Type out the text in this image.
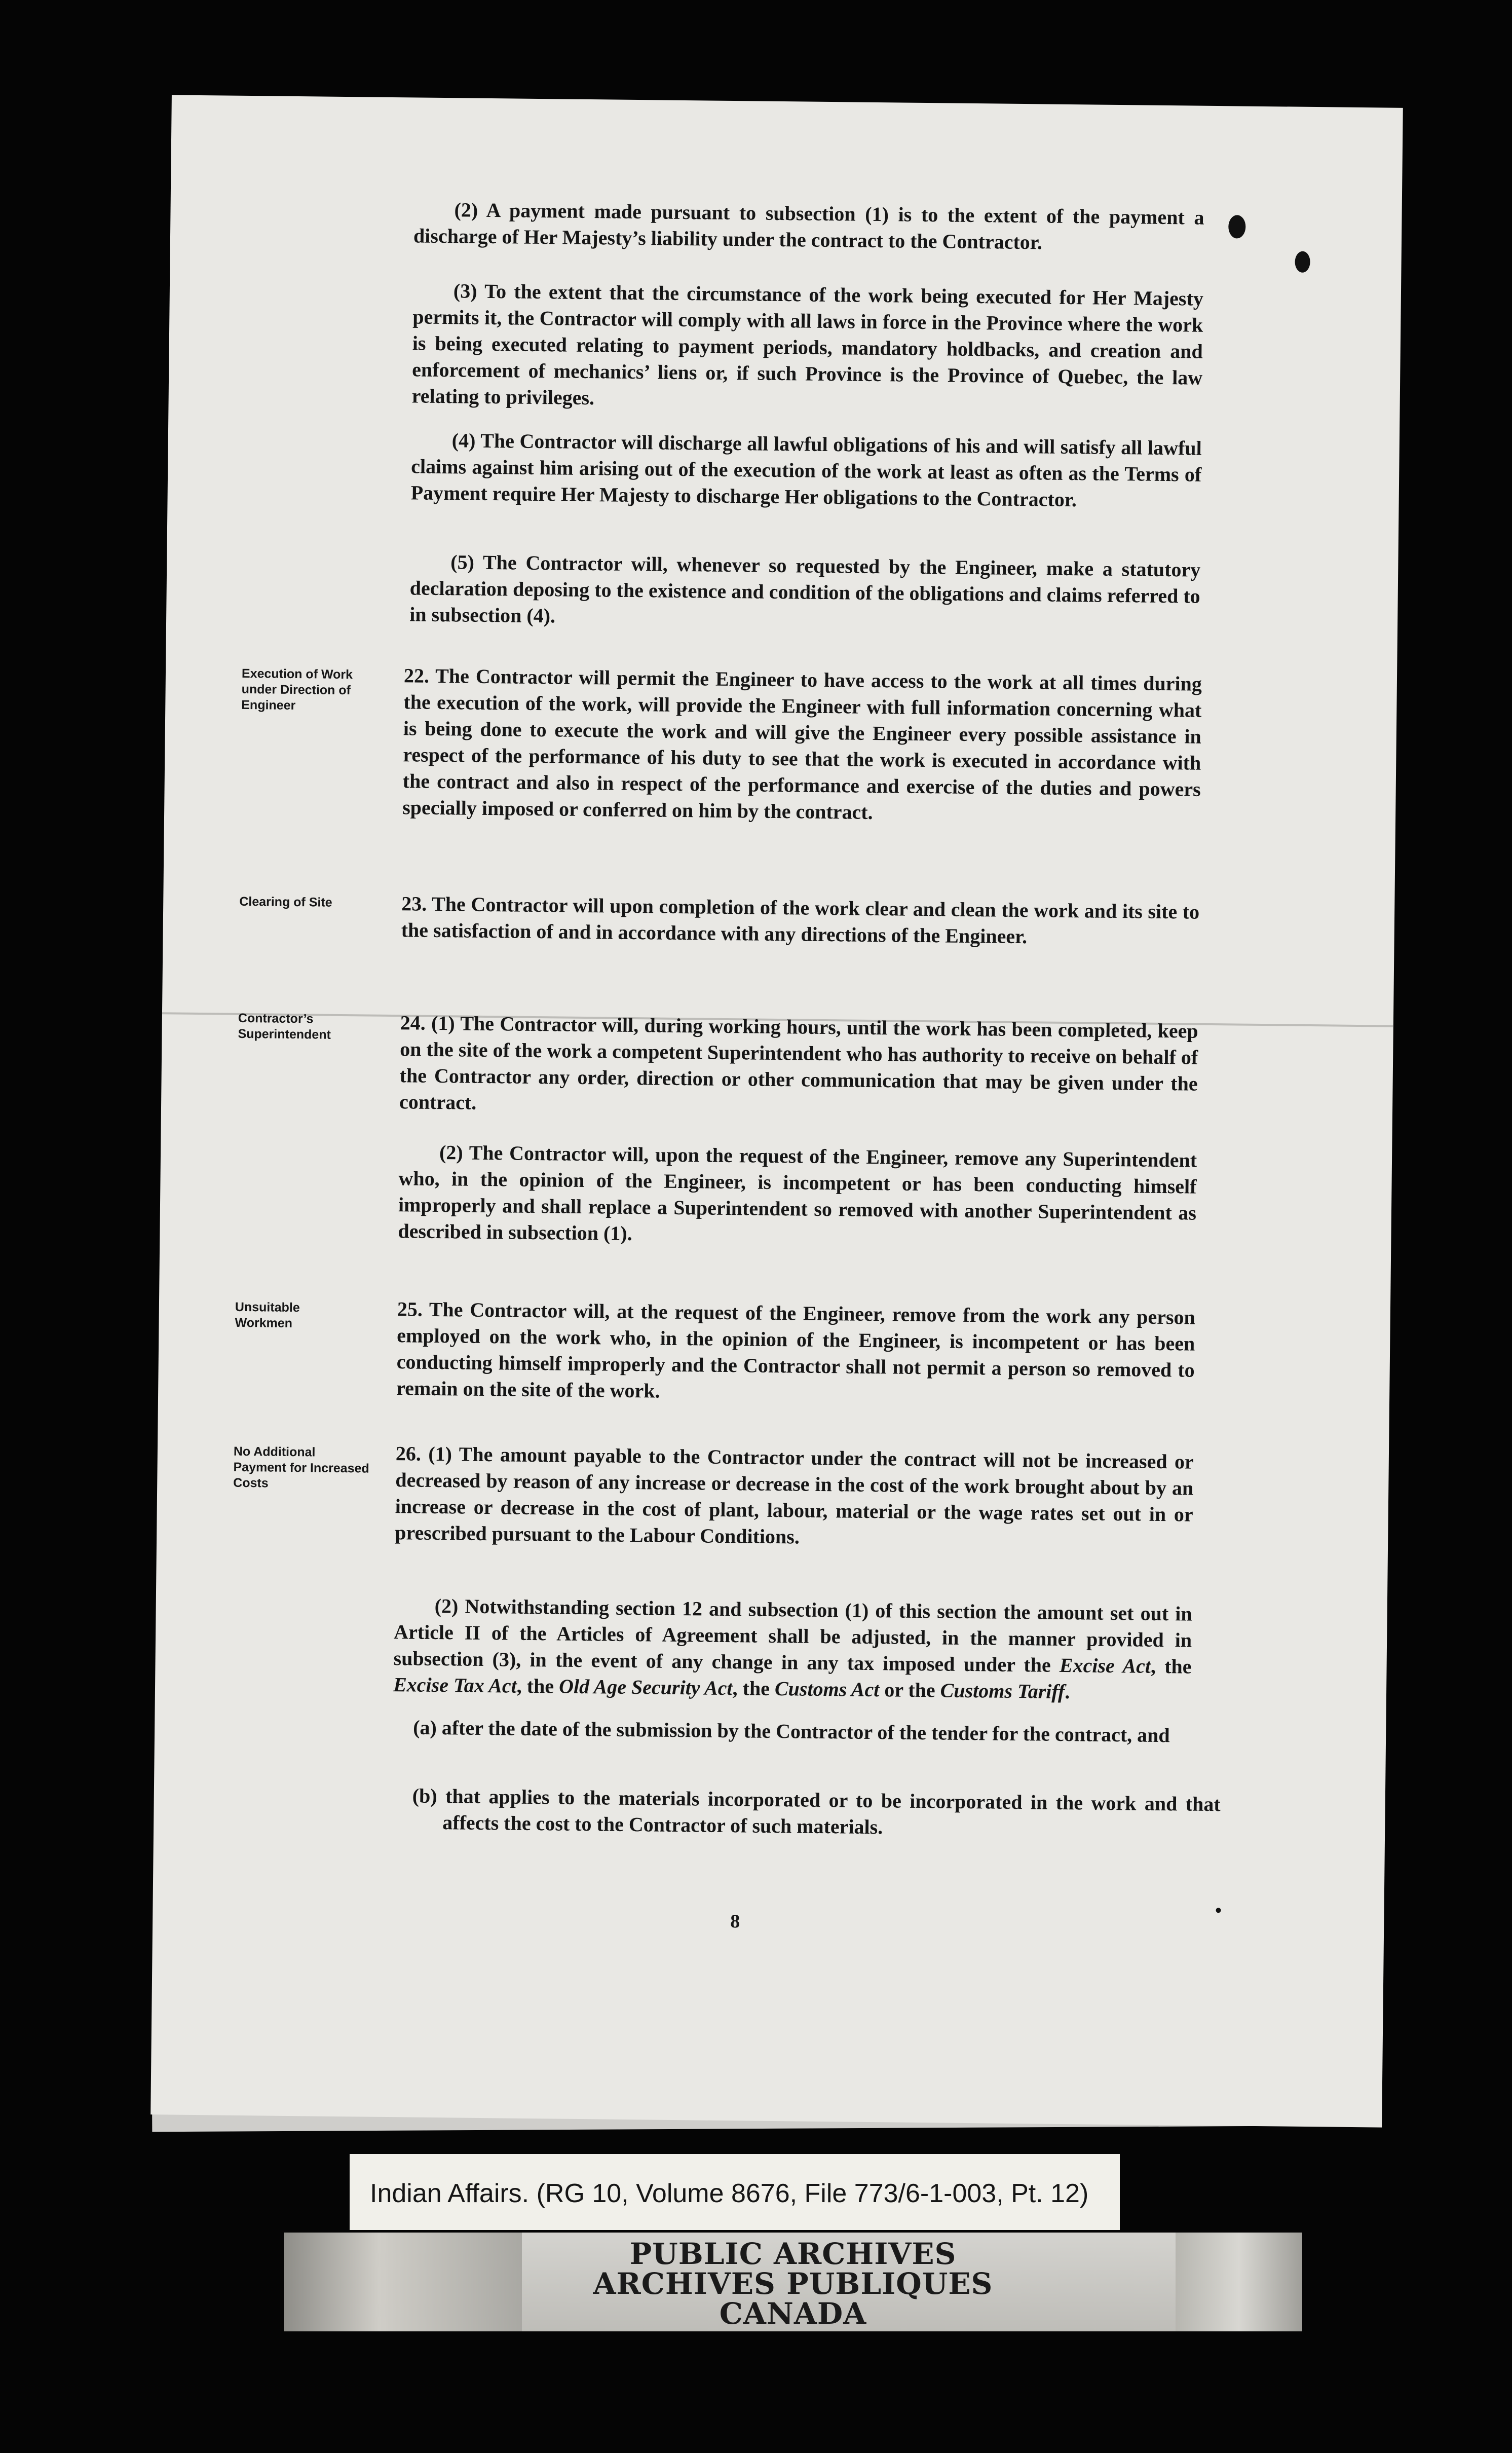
(2) A payment made pursuant to subsection (1) is to the extent of the payment a discharge of Her Majesty’s liability under the contract to the Contractor.

(3) To the extent that the circumstance of the work being executed for Her Majesty permits it, the Contractor will comply with all laws in force in the Province where the work is being executed relating to payment periods, mandatory holdbacks, and creation and enforcement of mechanics’ liens or, if such Province is the Province of Quebec, the law relating to privileges.

(4) The Contractor will discharge all lawful obligations of his and will satisfy all lawful claims against him arising out of the execution of the work at least as often as the Terms of Payment require Her Majesty to discharge Her obligations to the Contractor.

(5) The Contractor will, whenever so requested by the Engineer, make a statutory declaration deposing to the existence and condition of the obligations and claims referred to in subsection (4).

Execution of Work under Direction of Engineer

22. The Contractor will permit the Engineer to have access to the work at all times during the execution of the work, will provide the Engineer with full information concerning what is being done to execute the work and will give the Engineer every possible assistance in respect of the performance of his duty to see that the work is executed in accordance with the contract and also in respect of the performance and exercise of the duties and powers specially imposed or conferred on him by the contract.

Clearing of Site	23. The Contractor will upon completion of the work clear and clean the work and its site to the satisfaction of and in accordance with any directions of the Engineer.

Contractor’s Superintendent	24. (1) The Contractor will, during working hours, until the work has been completed, keep on the site of the work a competent Superintendent who has authority to receive on behalf of the Contractor any order, direction or other communication that may be given under the contract.

(2) The Contractor will, upon the request of the Engineer, remove any Superintendent who, in the opinion of the Engineer, is incompetent or has been conducting himself improperly and shall replace a Superintendent so removed with another Superintendent as described in subsection (1).

Unsuitable Workmen	25. The Contractor will, at the request of the Engineer, remove from the work any person employed on the work who, in the opinion of the Engineer, is incompetent or has been conducting himself improperly and the Contractor shall not permit a person so removed to remain on the site of the work.

No Additional Payment for Increased Costs

26. (1) The amount payable to the Contractor under the contract will not be increased or decreased by reason of any increase or decrease in the cost of the work brought about by an increase or decrease in the cost of plant, labour, material or the wage rates set out in or prescribed pursuant to the Labour Conditions.

(2) Notwithstanding section 12 and subsection (1) of this section the amount set out in Article II of the Articles of Agreement shall be adjusted, in the manner provided in subsection (3), in the event of any change in any tax imposed under the Excise Act, the Excise Tax Act, the Old Age Security Act, the Customs Act or the Customs Tariff.

(a) after the date of the submission by the Contractor of the tender for the contract, and

(b) that applies to the materials incorporated or to be incorporated in the work and that affects the cost to the Contractor of such materials.

8
Indian Affairs. (RG 10, Volume 8676, File 773/6-1-003, Pt. 12)
PUBLIC ARCHIVES
ARCHIVES PUBLIQUES
CANADA
